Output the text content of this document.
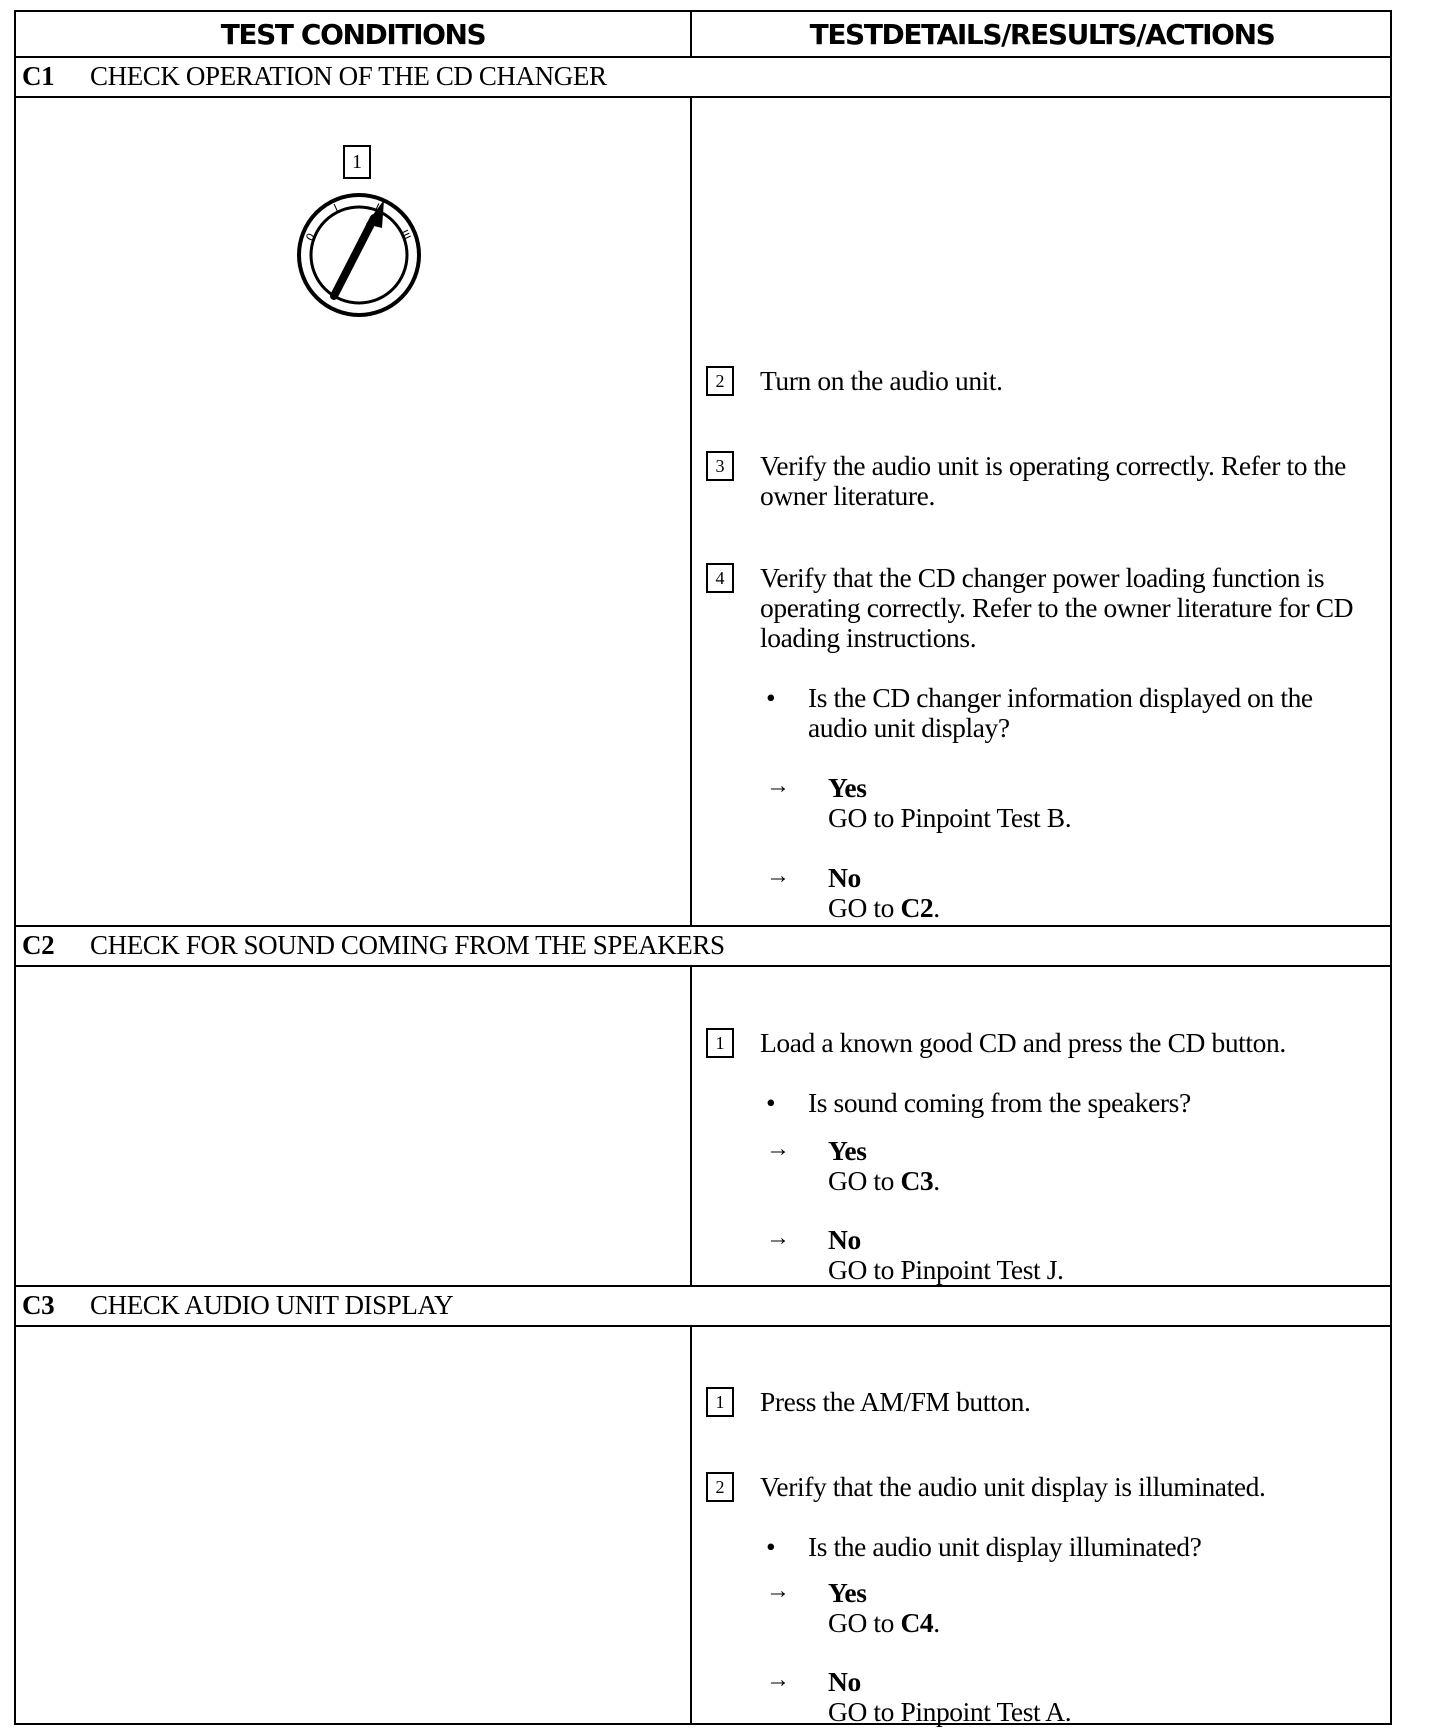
TEST CONDITIONS	TESTDETAILS/RESULTS/ACTIONS
C1	CHECK OPERATION OF THE CD CHANGER
1
0
I	II
III
2	Turn on the audio unit.
3	Verify the audio unit is operating correctly. Refer to the owner literature.
4	Verify that the CD changer power loading function is operating correctly. Refer to the owner literature for CD loading instructions.
• Is the CD changer information displayed on the audio unit display?
→ Yes
GO to Pinpoint Test B.
→ No
GO to C2.
C2	CHECK FOR SOUND COMING FROM THE SPEAKERS
1	Load a known good CD and press the CD button.
• Is sound coming from the speakers?
→ Yes
GO to C3.
→ No
GO to Pinpoint Test J.
C3	CHECK AUDIO UNIT DISPLAY
1	Press the AM/FM button.
2	Verify that the audio unit display is illuminated.
• Is the audio unit display illuminated?
→ Yes
GO to C4.
→ No
GO to Pinpoint Test A.
